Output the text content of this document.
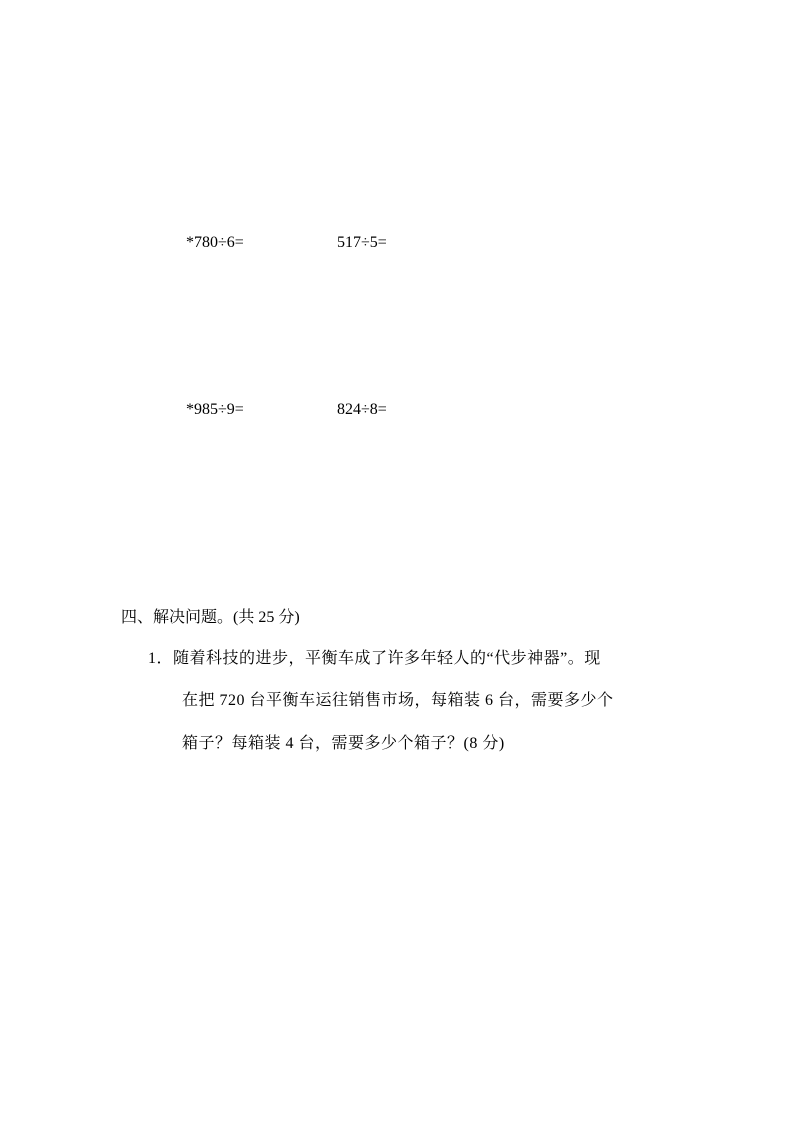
*780÷6=	517÷5=
*985÷9=	824÷8=
四、解决问题。(共 25 分)
1．随着科技的进步，平衡车成了许多年轻人的“代步神器”。现
在把 720 台平衡车运往销售市场，每箱装 6 台，需要多少个
箱子？每箱装 4 台，需要多少个箱子？(8 分)
